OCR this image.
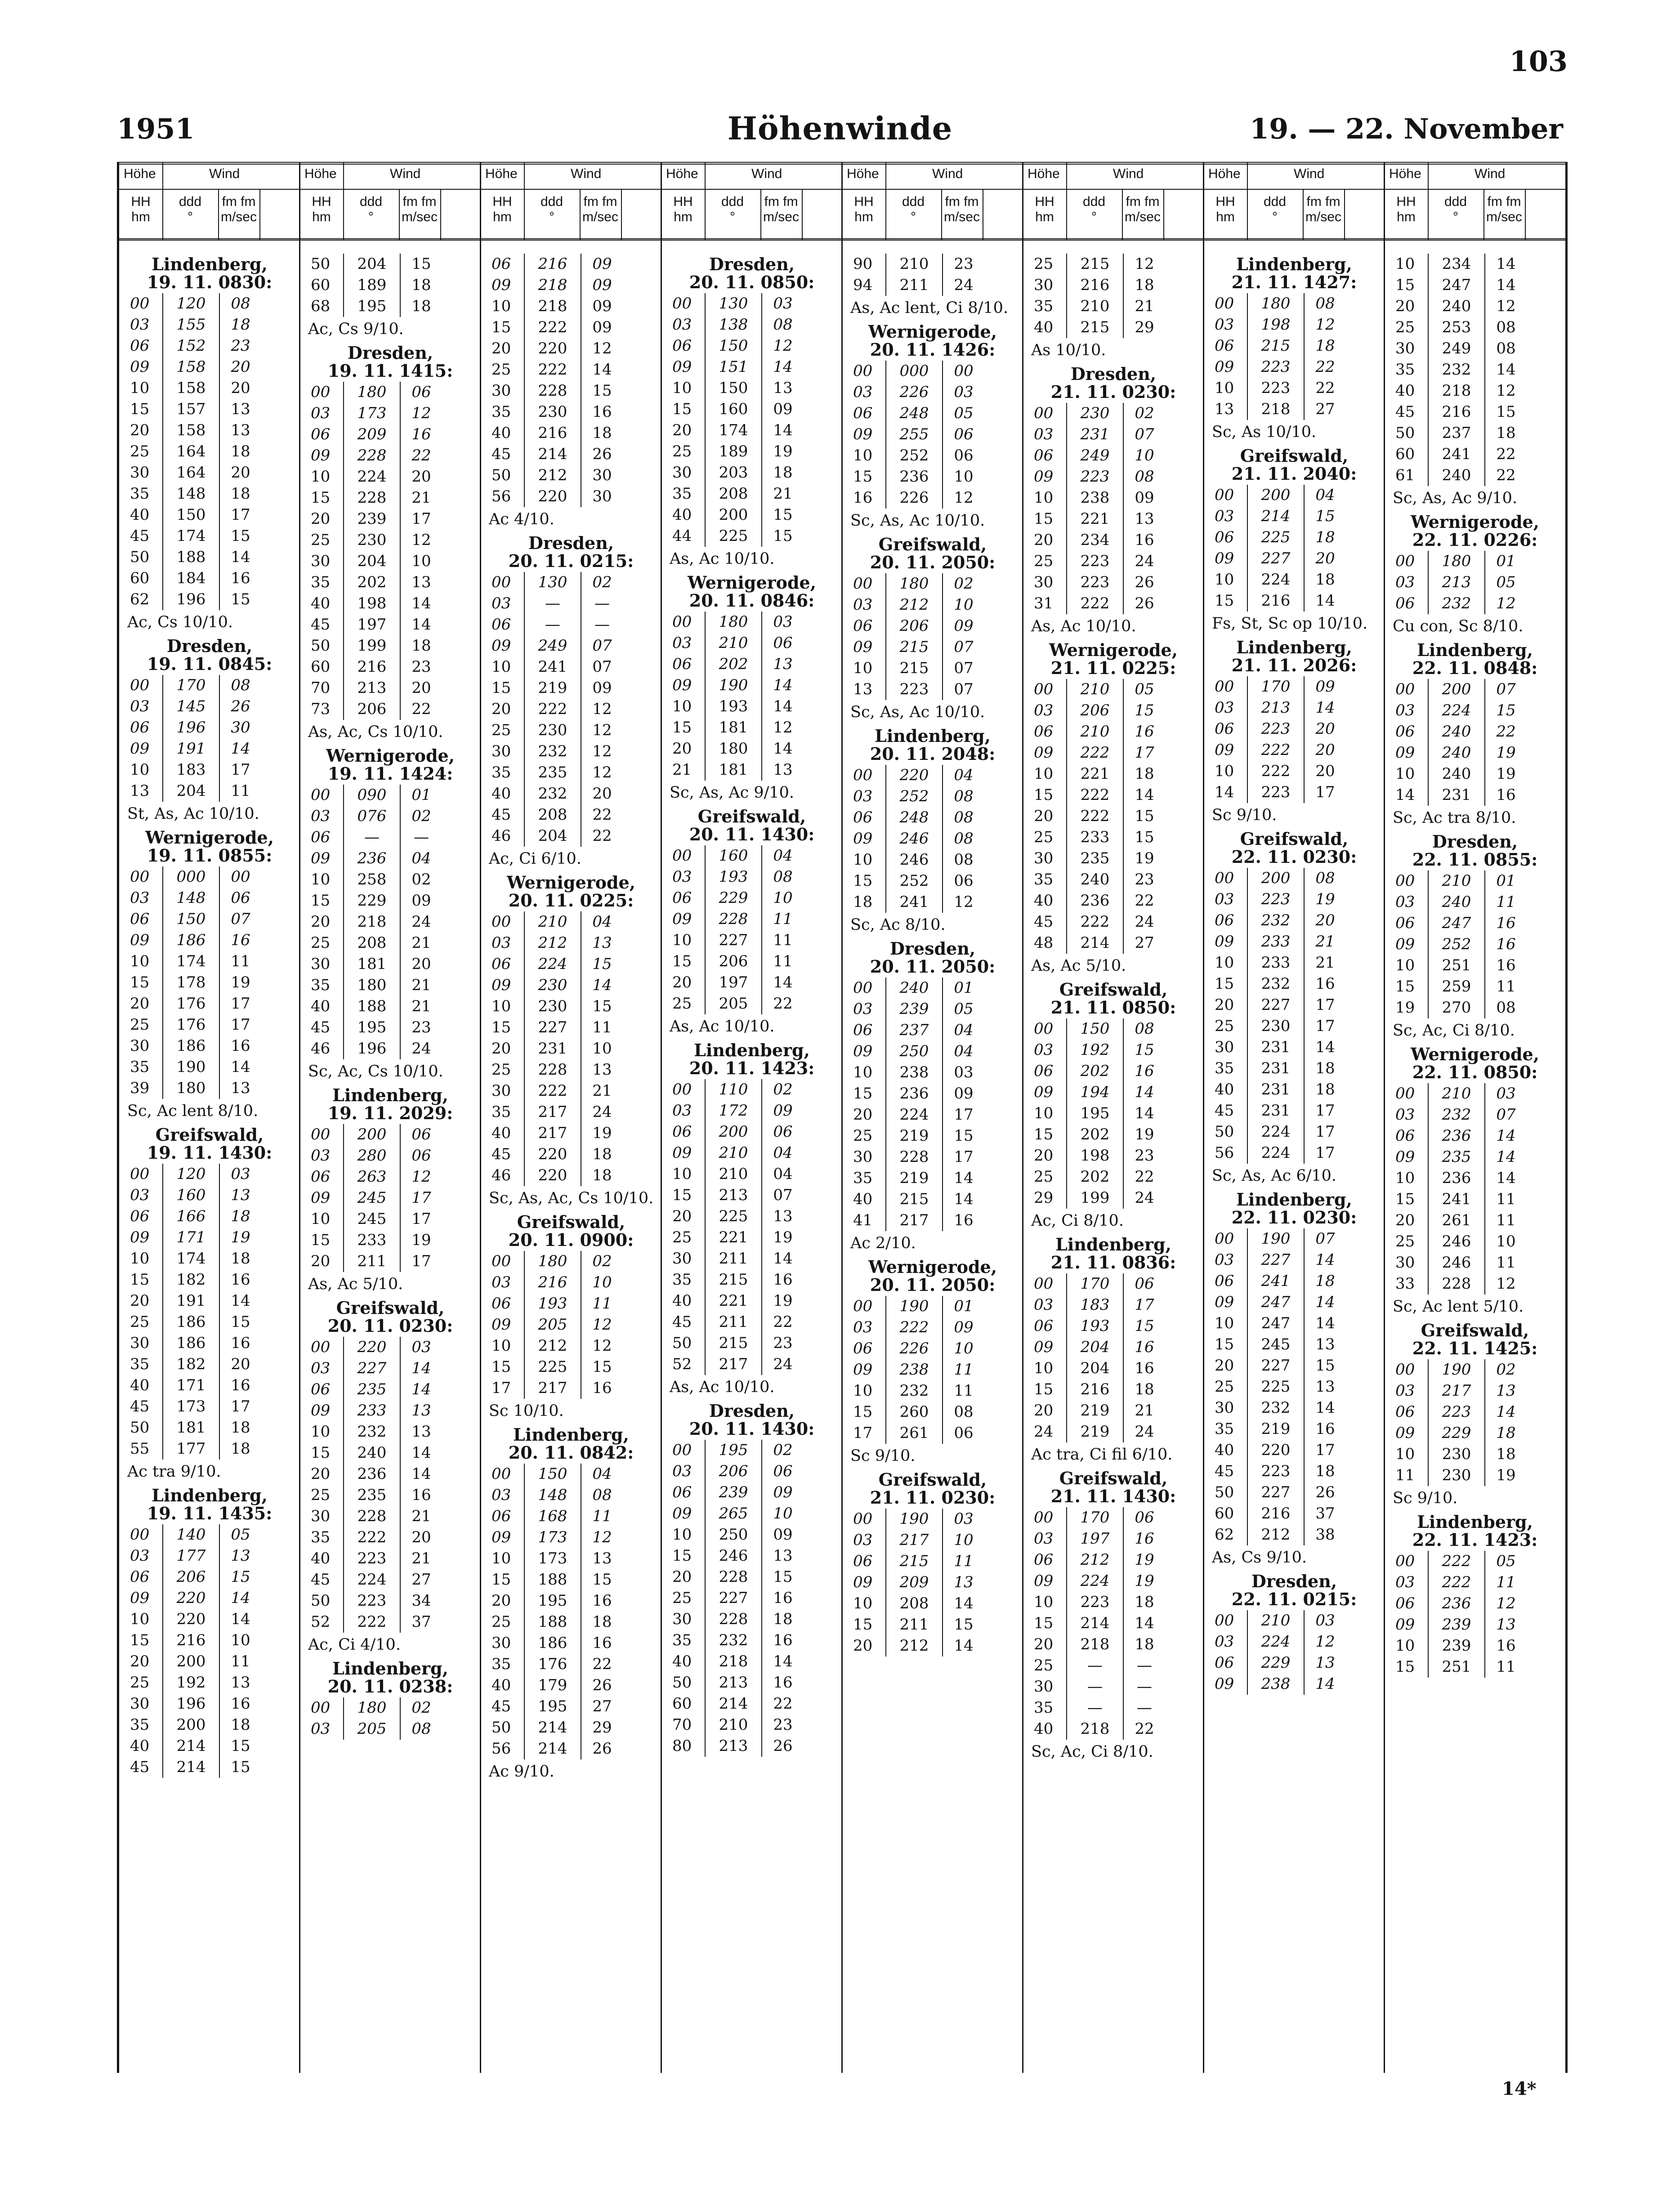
103
1951	Höhenwinde	19. — 22. November
Höhe	Wind
HH
hm
ddd
°
fm fm
m/sec
Lindenberg,
19. 11. 0830:
00	120	08
03	155	18
06	152	23
09	158	20
10	158	20
15	157	13
20	158	13
25	164	18
30	164	20
35	148	18
40	150	17
45	174	15
50	188	14
60	184	16
62	196	15
Ac, Cs 10/10.
Dresden,
19. 11. 0845:
00	170	08
03	145	26
06	196	30
09	191	14
10	183	17
13	204	11
St, As, Ac 10/10.
Wernigerode,
19. 11. 0855:
00	000	00
03	148	06
06	150	07
09	186	16
10	174	11
15	178	19
20	176	17
25	176	17
30	186	16
35	190	14
39	180	13
Sc, Ac lent 8/10.
Greifswald,
19. 11. 1430:
00	120	03
03	160	13
06	166	18
09	171	19
10	174	18
15	182	16
20	191	14
25	186	15
30	186	16
35	182	20
40	171	16
45	173	17
50	181	18
55	177	18
Ac tra 9/10.
Lindenberg,
19. 11. 1435:
00	140	05
03	177	13
06	206	15
09	220	14
10	220	14
15	216	10
20	200	11
25	192	13
30	196	16
35	200	18
40	214	15
45	214	15
Höhe	Wind
HH
hm
ddd
°
fm fm
m/sec
50	204	15
60	189	18
68	195	18
Ac, Cs 9/10.
Dresden,
19. 11. 1415:
00	180	06
03	173	12
06	209	16
09	228	22
10	224	20
15	228	21
20	239	17
25	230	12
30	204	10
35	202	13
40	198	14
45	197	14
50	199	18
60	216	23
70	213	20
73	206	22
As, Ac, Cs 10/10.
Wernigerode,
19. 11. 1424:
00	090	01
03	076	02
06	—	—
09	236	04
10	258	02
15	229	09
20	218	24
25	208	21
30	181	20
35	180	21
40	188	21
45	195	23
46	196	24
Sc, Ac, Cs 10/10.
Lindenberg,
19. 11. 2029:
00	200	06
03	280	06
06	263	12
09	245	17
10	245	17
15	233	19
20	211	17
As, Ac 5/10.
Greifswald,
20. 11. 0230:
00	220	03
03	227	14
06	235	14
09	233	13
10	232	13
15	240	14
20	236	14
25	235	16
30	228	21
35	222	20
40	223	21
45	224	27
50	223	34
52	222	37
Ac, Ci 4/10.
Lindenberg,
20. 11. 0238:
00	180	02
03	205	08
Höhe	Wind
HH
hm
ddd
°
fm fm
m/sec
06	216	09
09	218	09
10	218	09
15	222	09
20	220	12
25	222	14
30	228	15
35	230	16
40	216	18
45	214	26
50	212	30
56	220	30
Ac 4/10.
Dresden,
20. 11. 0215:
00	130	02
03	—	—
06	—	—
09	249	07
10	241	07
15	219	09
20	222	12
25	230	12
30	232	12
35	235	12
40	232	20
45	208	22
46	204	22
Ac, Ci 6/10.
Wernigerode,
20. 11. 0225:
00	210	04
03	212	13
06	224	15
09	230	14
10	230	15
15	227	11
20	231	10
25	228	13
30	222	21
35	217	24
40	217	19
45	220	18
46	220	18
Sc, As, Ac, Cs 10/10.
Greifswald,
20. 11. 0900:
00	180	02
03	216	10
06	193	11
09	205	12
10	212	12
15	225	15
17	217	16
Sc 10/10.
Lindenberg,
20. 11. 0842:
00	150	04
03	148	08
06	168	11
09	173	12
10	173	13
15	188	15
20	195	16
25	188	18
30	186	16
35	176	22
40	179	26
45	195	27
50	214	29
56	214	26
Ac 9/10.
Höhe	Wind
HH
hm
ddd
°
fm fm
m/sec
Dresden,
20. 11. 0850:
00	130	03
03	138	08
06	150	12
09	151	14
10	150	13
15	160	09
20	174	14
25	189	19
30	203	18
35	208	21
40	200	15
44	225	15
As, Ac 10/10.
Wernigerode,
20. 11. 0846:
00	180	03
03	210	06
06	202	13
09	190	14
10	193	14
15	181	12
20	180	14
21	181	13
Sc, As, Ac 9/10.
Greifswald,
20. 11. 1430:
00	160	04
03	193	08
06	229	10
09	228	11
10	227	11
15	206	11
20	197	14
25	205	22
As, Ac 10/10.
Lindenberg,
20. 11. 1423:
00	110	02
03	172	09
06	200	06
09	210	04
10	210	04
15	213	07
20	225	13
25	221	19
30	211	14
35	215	16
40	221	19
45	211	22
50	215	23
52	217	24
As, Ac 10/10.
Dresden,
20. 11. 1430:
00	195	02
03	206	06
06	239	09
09	265	10
10	250	09
15	246	13
20	228	15
25	227	16
30	228	18
35	232	16
40	218	14
50	213	16
60	214	22
70	210	23
80	213	26
Höhe	Wind
HH
hm
ddd
°
fm fm
m/sec
90	210	23
94	211	24
As, Ac lent, Ci 8/10.
Wernigerode,
20. 11. 1426:
00	000	00
03	226	03
06	248	05
09	255	06
10	252	06
15	236	10
16	226	12
Sc, As, Ac 10/10.
Greifswald,
20. 11. 2050:
00	180	02
03	212	10
06	206	09
09	215	07
10	215	07
13	223	07
Sc, As, Ac 10/10.
Lindenberg,
20. 11. 2048:
00	220	04
03	252	08
06	248	08
09	246	08
10	246	08
15	252	06
18	241	12
Sc, Ac 8/10.
Dresden,
20. 11. 2050:
00	240	01
03	239	05
06	237	04
09	250	04
10	238	03
15	236	09
20	224	17
25	219	15
30	228	17
35	219	14
40	215	14
41	217	16
Ac 2/10.
Wernigerode,
20. 11. 2050:
00	190	01
03	222	09
06	226	10
09	238	11
10	232	11
15	260	08
17	261	06
Sc 9/10.
Greifswald,
21. 11. 0230:
00	190	03
03	217	10
06	215	11
09	209	13
10	208	14
15	211	15
20	212	14
Höhe	Wind
HH
hm
ddd
°
fm fm
m/sec
25	215	12
30	216	18
35	210	21
40	215	29
As 10/10.
Dresden,
21. 11. 0230:
00	230	02
03	231	07
06	249	10
09	223	08
10	238	09
15	221	13
20	234	16
25	223	24
30	223	26
31	222	26
As, Ac 10/10.
Wernigerode,
21. 11. 0225:
00	210	05
03	206	15
06	210	16
09	222	17
10	221	18
15	222	14
20	222	15
25	233	15
30	235	19
35	240	23
40	236	22
45	222	24
48	214	27
As, Ac 5/10.
Greifswald,
21. 11. 0850:
00	150	08
03	192	15
06	202	16
09	194	14
10	195	14
15	202	19
20	198	23
25	202	22
29	199	24
Ac, Ci 8/10.
Lindenberg,
21. 11. 0836:
00	170	06
03	183	17
06	193	15
09	204	16
10	204	16
15	216	18
20	219	21
24	219	24
Ac tra, Ci fil 6/10.
Greifswald,
21. 11. 1430:
00	170	06
03	197	16
06	212	19
09	224	19
10	223	18
15	214	14
20	218	18
25	—	—
30	—	—
35	—	—
40	218	22
Sc, Ac, Ci 8/10.
Höhe	Wind
HH
hm
ddd
°
fm fm
m/sec
Lindenberg,
21. 11. 1427:
00	180	08
03	198	12
06	215	18
09	223	22
10	223	22
13	218	27
Sc, As 10/10.
Greifswald,
21. 11. 2040:
00	200	04
03	214	15
06	225	18
09	227	20
10	224	18
15	216	14
Fs, St, Sc op 10/10.
Lindenberg,
21. 11. 2026:
00	170	09
03	213	14
06	223	20
09	222	20
10	222	20
14	223	17
Sc 9/10.
Greifswald,
22. 11. 0230:
00	200	08
03	223	19
06	232	20
09	233	21
10	233	21
15	232	16
20	227	17
25	230	17
30	231	14
35	231	18
40	231	18
45	231	17
50	224	17
56	224	17
Sc, As, Ac 6/10.
Lindenberg,
22. 11. 0230:
00	190	07
03	227	14
06	241	18
09	247	14
10	247	14
15	245	13
20	227	15
25	225	13
30	232	14
35	219	16
40	220	17
45	223	18
50	227	26
60	216	37
62	212	38
As, Cs 9/10.
Dresden,
22. 11. 0215:
00	210	03
03	224	12
06	229	13
09	238	14
Höhe	Wind
HH
hm
ddd
°
fm fm
m/sec
10	234	14
15	247	14
20	240	12
25	253	08
30	249	08
35	232	14
40	218	12
45	216	15
50	237	18
60	241	22
61	240	22
Sc, As, Ac 9/10.
Wernigerode,
22. 11. 0226:
00	180	01
03	213	05
06	232	12
Cu con, Sc 8/10.
Lindenberg,
22. 11. 0848:
00	200	07
03	224	15
06	240	22
09	240	19
10	240	19
14	231	16
Sc, Ac tra 8/10.
Dresden,
22. 11. 0855:
00	210	01
03	240	11
06	247	16
09	252	16
10	251	16
15	259	11
19	270	08
Sc, Ac, Ci 8/10.
Wernigerode,
22. 11. 0850:
00	210	03
03	232	07
06	236	14
09	235	14
10	236	14
15	241	11
20	261	11
25	246	10
30	246	11
33	228	12
Sc, Ac lent 5/10.
Greifswald,
22. 11. 1425:
00	190	02
03	217	13
06	223	14
09	229	18
10	230	18
11	230	19
Sc 9/10.
Lindenberg,
22. 11. 1423:
00	222	05
03	222	11
06	236	12
09	239	13
10	239	16
15	251	11
14*
